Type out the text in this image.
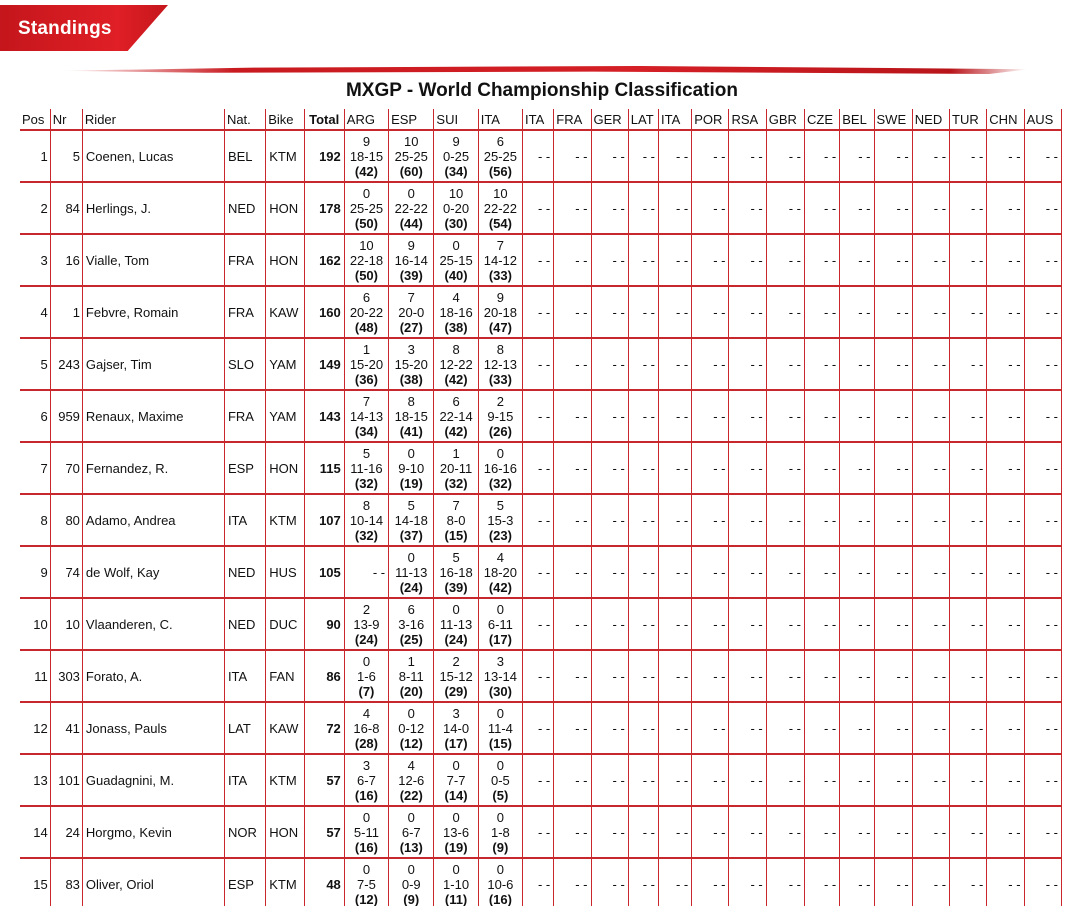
Standings
MXGP - World Championship Classification
Pos	Nr	Rider	Nat.	Bike	Total	ARG	ESP	SUI	ITA	ITA	FRA	GER	LAT	ITA	POR	RSA	GBR	CZE	BEL	SWE	NED	TUR	CHN	AUS
1	5	Coenen, Lucas	BEL	KTM	192	9
18-15
(42)	10
25-25
(60)	9
0-25
(34)	6
25-25
(56)	- -	- -	- -	- -	- -	- -	- -	- -	- -	- -	- -	- -	- -	- -	- -
2	84	Herlings, J.	NED	HON	178	0
25-25
(50)	0
22-22
(44)	10
0-20
(30)	10
22-22
(54)	- -	- -	- -	- -	- -	- -	- -	- -	- -	- -	- -	- -	- -	- -	- -
3	16	Vialle, Tom	FRA	HON	162	10
22-18
(50)	9
16-14
(39)	0
25-15
(40)	7
14-12
(33)	- -	- -	- -	- -	- -	- -	- -	- -	- -	- -	- -	- -	- -	- -	- -
4	1	Febvre, Romain	FRA	KAW	160	6
20-22
(48)	7
20-0
(27)	4
18-16
(38)	9
20-18
(47)	- -	- -	- -	- -	- -	- -	- -	- -	- -	- -	- -	- -	- -	- -	- -
5	243	Gajser, Tim	SLO	YAM	149	1
15-20
(36)	3
15-20
(38)	8
12-22
(42)	8
12-13
(33)	- -	- -	- -	- -	- -	- -	- -	- -	- -	- -	- -	- -	- -	- -	- -
6	959	Renaux, Maxime	FRA	YAM	143	7
14-13
(34)	8
18-15
(41)	6
22-14
(42)	2
9-15
(26)	- -	- -	- -	- -	- -	- -	- -	- -	- -	- -	- -	- -	- -	- -	- -
7	70	Fernandez, R.	ESP	HON	115	5
11-16
(32)	0
9-10
(19)	1
20-11
(32)	0
16-16
(32)	- -	- -	- -	- -	- -	- -	- -	- -	- -	- -	- -	- -	- -	- -	- -
8	80	Adamo, Andrea	ITA	KTM	107	8
10-14
(32)	5
14-18
(37)	7
8-0
(15)	5
15-3
(23)	- -	- -	- -	- -	- -	- -	- -	- -	- -	- -	- -	- -	- -	- -	- -
9	74	de Wolf, Kay	NED	HUS	105	- -	0
11-13
(24)	5
16-18
(39)	4
18-20
(42)	- -	- -	- -	- -	- -	- -	- -	- -	- -	- -	- -	- -	- -	- -	- -
10	10	Vlaanderen, C.	NED	DUC	90	2
13-9
(24)	6
3-16
(25)	0
11-13
(24)	0
6-11
(17)	- -	- -	- -	- -	- -	- -	- -	- -	- -	- -	- -	- -	- -	- -	- -
11	303	Forato, A.	ITA	FAN	86	0
1-6
(7)	1
8-11
(20)	2
15-12
(29)	3
13-14
(30)	- -	- -	- -	- -	- -	- -	- -	- -	- -	- -	- -	- -	- -	- -	- -
12	41	Jonass, Pauls	LAT	KAW	72	4
16-8
(28)	0
0-12
(12)	3
14-0
(17)	0
11-4
(15)	- -	- -	- -	- -	- -	- -	- -	- -	- -	- -	- -	- -	- -	- -	- -
13	101	Guadagnini, M.	ITA	KTM	57	3
6-7
(16)	4
12-6
(22)	0
7-7
(14)	0
0-5
(5)	- -	- -	- -	- -	- -	- -	- -	- -	- -	- -	- -	- -	- -	- -	- -
14	24	Horgmo, Kevin	NOR	HON	57	0
5-11
(16)	0
6-7
(13)	0
13-6
(19)	0
1-8
(9)	- -	- -	- -	- -	- -	- -	- -	- -	- -	- -	- -	- -	- -	- -	- -
15	83	Oliver, Oriol	ESP	KTM	48	0
7-5
(12)	0
0-9
(9)	0
1-10
(11)	0
10-6
(16)	- -	- -	- -	- -	- -	- -	- -	- -	- -	- -	- -	- -	- -	- -	- -
